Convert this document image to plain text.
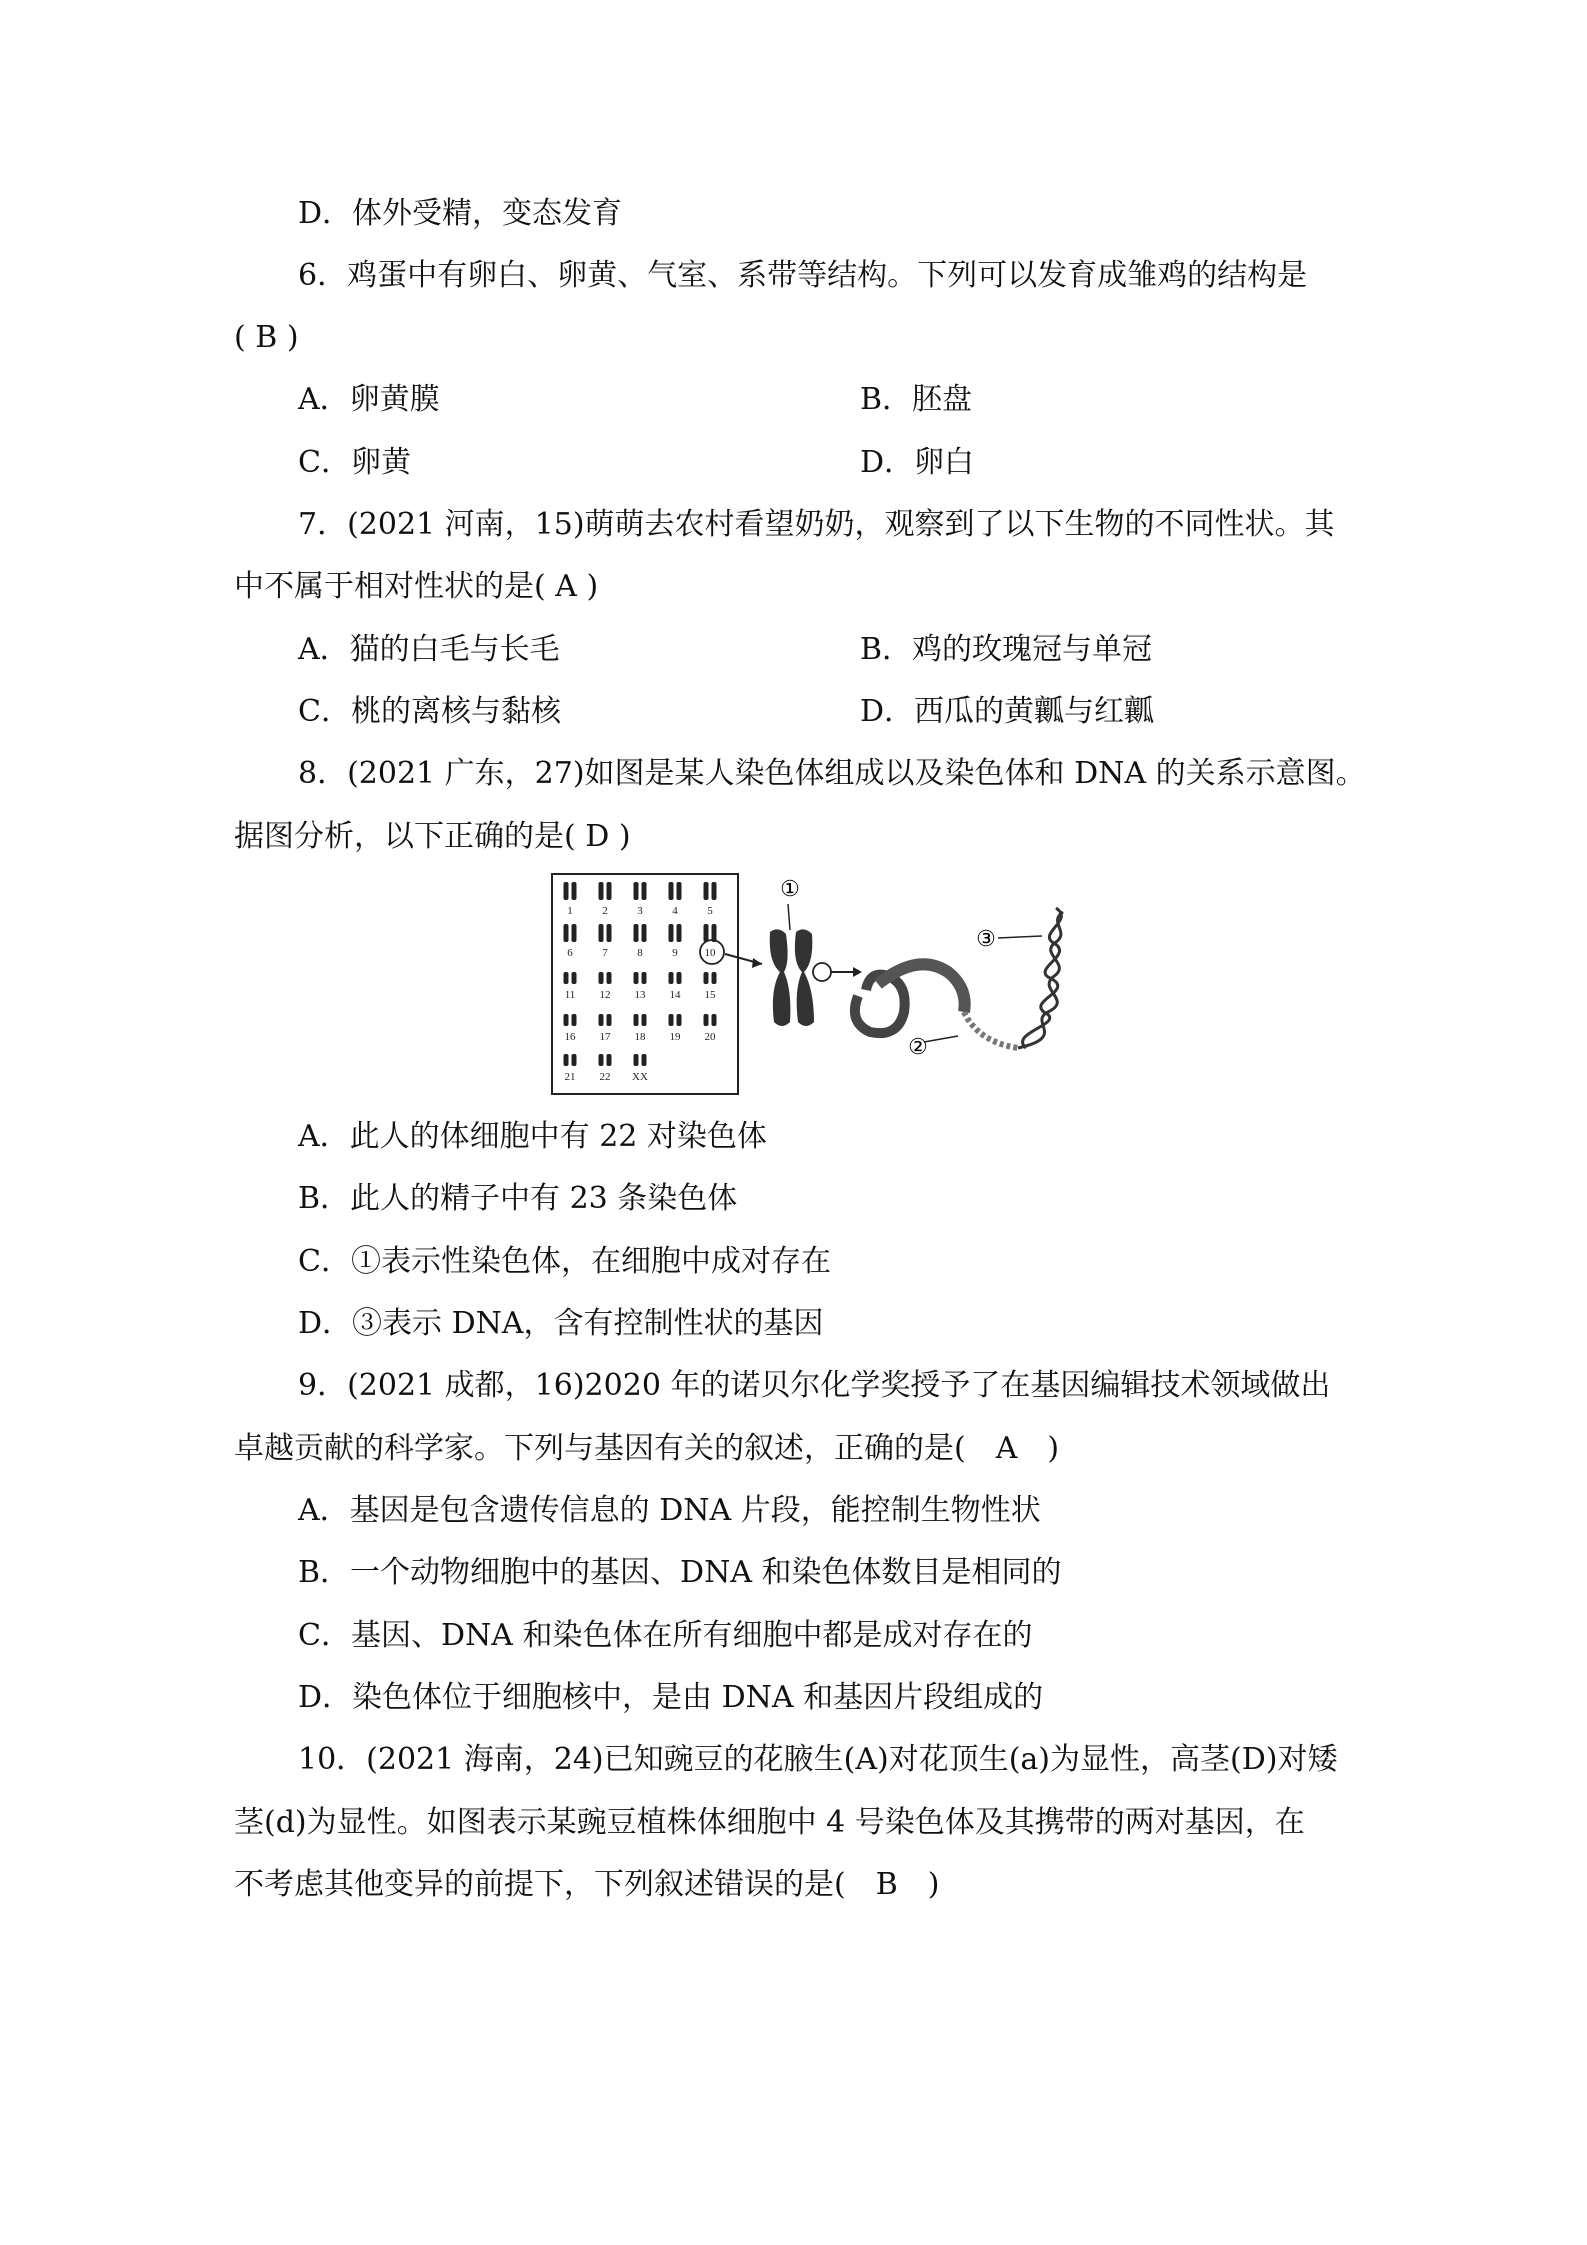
D．体外受精，变态发育
6．鸡蛋中有卵白、卵黄、气室、系带等结构。下列可以发育成雏鸡的结构是
( B )
A．卵黄膜	B．胚盘
C．卵黄	D．卵白
7．(2021 河南，15)萌萌去农村看望奶奶，观察到了以下生物的不同性状。其
中不属于相对性状的是( A )
A．猫的白毛与长毛	B．鸡的玫瑰冠与单冠
C．桃的离核与黏核	D．西瓜的黄瓤与红瓤
8．(2021 广东，27)如图是某人染色体组成以及染色体和 DNA 的关系示意图。
据图分析，以下正确的是( D )
1	2	3	4	5
6	7	8	9 10
11 12 13 14 15
16 17 18 19 20
21 22 XX
①
③
②
A．此人的体细胞中有 22 对染色体
B．此人的精子中有 23 条染色体
C．①表示性染色体，在细胞中成对存在
D．③表示 DNA，含有控制性状的基因
9．(2021 成都，16)2020 年的诺贝尔化学奖授予了在基因编辑技术领域做出
卓越贡献的科学家。下列与基因有关的叙述，正确的是(　A　)
A．基因是包含遗传信息的 DNA 片段，能控制生物性状
B．一个动物细胞中的基因、DNA 和染色体数目是相同的
C．基因、DNA 和染色体在所有细胞中都是成对存在的
D．染色体位于细胞核中，是由 DNA 和基因片段组成的
10．(2021 海南，24)已知豌豆的花腋生(A)对花顶生(a)为显性，高茎(D)对矮
茎(d)为显性。如图表示某豌豆植株体细胞中 4 号染色体及其携带的两对基因，在
不考虑其他变异的前提下，下列叙述错误的是(　B　)
